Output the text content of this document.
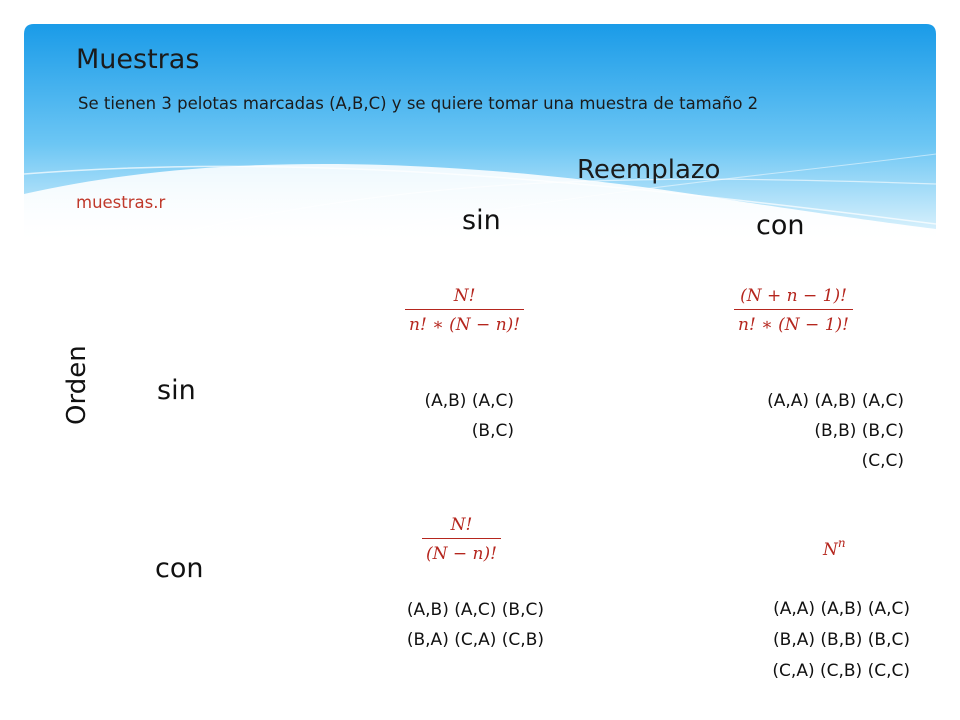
Muestras
Se tienen 3 pelotas marcadas (A,B,C) y se quiere tomar una muestra de tamaño 2
muestras.r
Reemplazo
sin	con
sin
con
Orden
N!
n! ∗ (N − n)!
(A,B) (A,C)
(B,C)
(N + n − 1)!
n! ∗ (N − 1)!
(A,A) (A,B) (A,C)
(B,B) (B,C)
(C,C)
N!
(N − n)!
(A,B) (A,C) (B,C)
(B,A) (C,A) (C,B)
$N^n$
(A,A) (A,B) (A,C)
(B,A) (B,B) (B,C)
(C,A) (C,B) (C,C)
